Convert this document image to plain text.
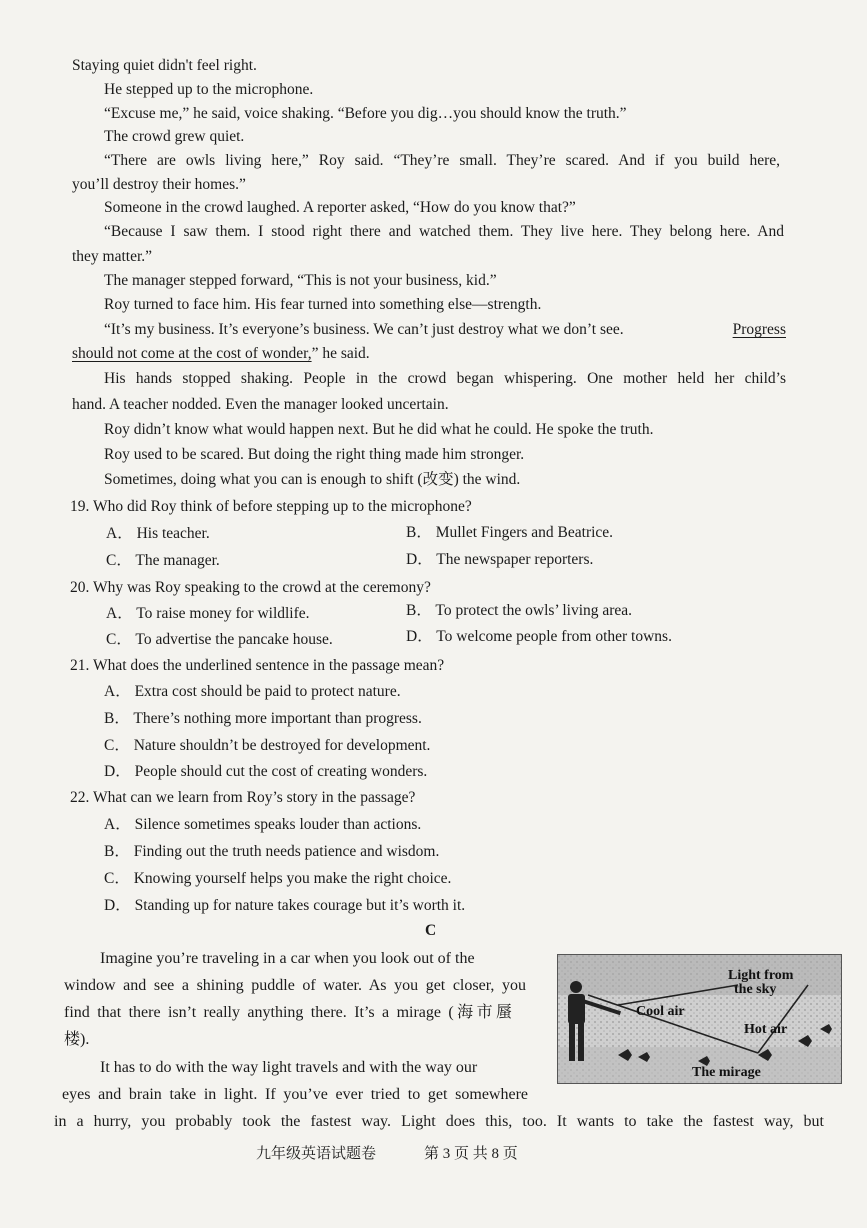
Staying quiet didn't feel right.
He stepped up to the microphone.
“Excuse me,” he said, voice shaking. “Before you dig…you should know the truth.”
The crowd grew quiet.
“There are owls living here,” Roy said. “They’re small. They’re scared. And if you build here,
you’ll destroy their homes.”
Someone in the crowd laughed. A reporter asked, “How do you know that?”
“Because I saw them. I stood right there and watched them. They live here. They belong here. And
they matter.”
The manager stepped forward, “This is not your business, kid.”
Roy turned to face him. His fear turned into something else—strength.
“It’s my business. It’s everyone’s business. We can’t just destroy what we don’t see.	Progress
should not come at the cost of wonder,” he said.
His hands stopped shaking. People in the crowd began whispering. One mother held her child’s
hand. A teacher nodded. Even the manager looked uncertain.
Roy didn’t know what would happen next. But he did what he could. He spoke the truth.
Roy used to be scared. But doing the right thing made him stronger.
Sometimes, doing what you can is enough to shift (改变) the wind.
19. Who did Roy think of before stepping up to the microphone?
A． His teacher.	B． Mullet Fingers and Beatrice.
C． The manager.	D． The newspaper reporters.
20. Why was Roy speaking to the crowd at the ceremony?
A． To raise money for wildlife.	B． To protect the owls’ living area.
C． To advertise the pancake house.	D． To welcome people from other towns.
21. What does the underlined sentence in the passage mean?
A． Extra cost should be paid to protect nature.
B． There’s nothing more important than progress.
C． Nature shouldn’t be destroyed for development.
D． People should cut the cost of creating wonders.
22. What can we learn from Roy’s story in the passage?
A． Silence sometimes speaks louder than actions.
B． Finding out the truth needs patience and wisdom.
C． Knowing yourself helps you make the right choice.
D． Standing up for nature takes courage but it’s worth it.
C
Imagine you’re traveling in a car when you look out of the
window and see a shining puddle of water. As you get closer, you
find that there isn’t really anything there. It’s a mirage (海市蜃
楼).
It has to do with the way light travels and with the way our
eyes and brain take in light. If you’ve ever tried to get somewhere
in a hurry, you probably took the fastest way. Light does this, too. It wants to take the fastest way, but
Light from the sky
Cool air
Hot air
The mirage
九年级英语试题卷	第 3 页 共 8 页
